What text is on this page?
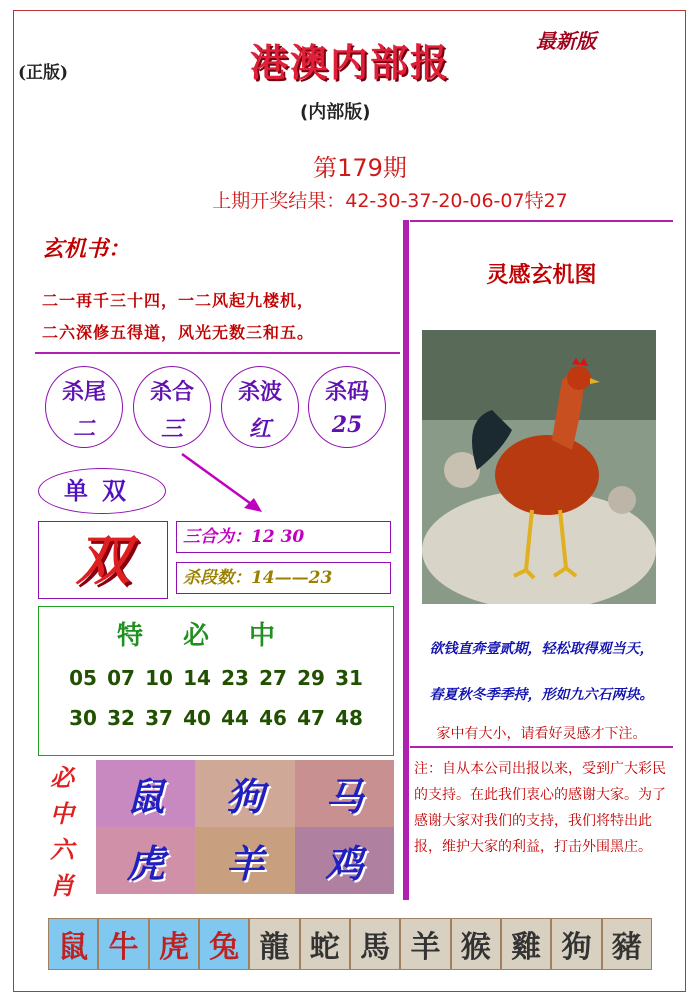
(正版)
最新版
港澳内部报
(内部版)
第179期
上期开奖结果：42-30-37-20-06-07特27
玄机书：
二一再千三十四，一二风起九楼机，
二六深修五得道，风光无数三和五。
杀尾
二
杀合
三
杀波
红
杀码
25
单双
双	三合为：12 30
杀段数：14——23
特必中
05 07 10 14 23 27 29 31
30 32 37 40 44 46 47 48
必中六肖
鼠	狗	马
虎	羊	鸡
灵感玄机图
欲钱直奔壹贰期，轻松取得观当天，
春夏秋冬季季持，形如九六石两块。
家中有大小，请看好灵感才下注。
注：自从本公司出报以来，受到广大彩民的支持。在此我们衷心的感谢大家。为了感谢大家对我们的支持，我们将特出此报，维护大家的利益，打击外围黑庄。
鼠 牛 虎 兔 龍 蛇 馬 羊 猴 雞 狗 豬
